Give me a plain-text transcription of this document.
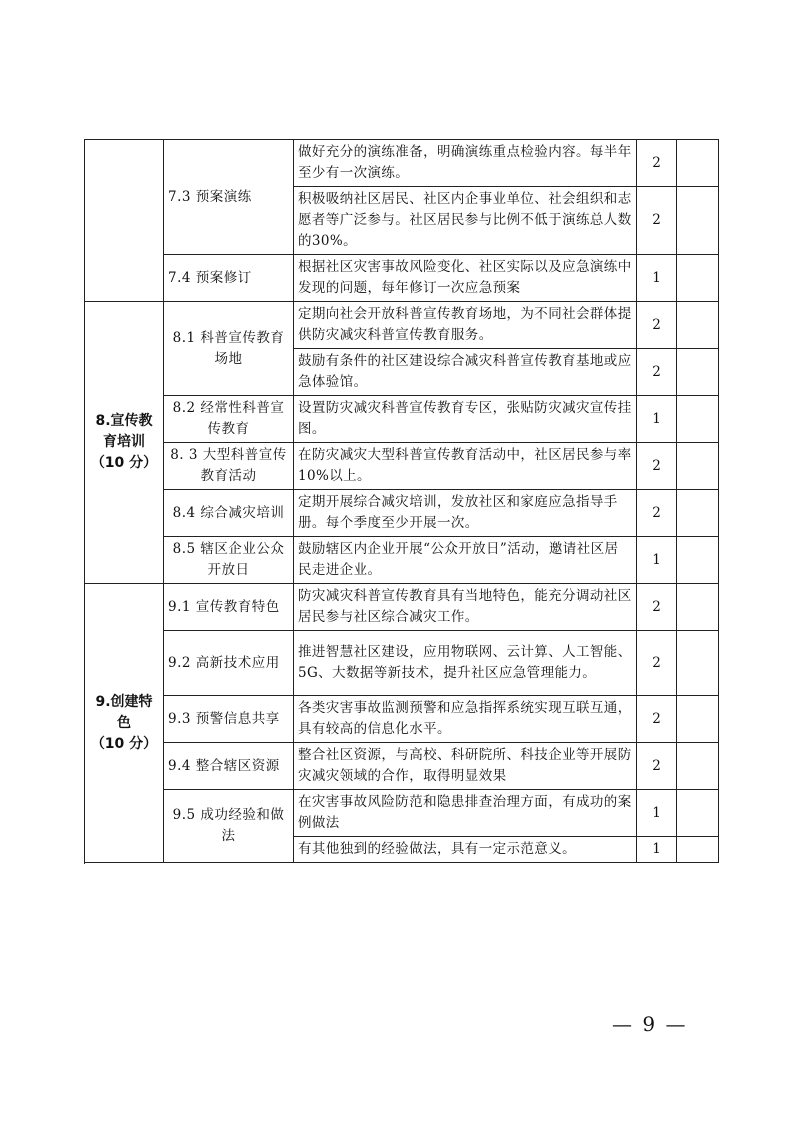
	7.3 预案演练	做好充分的演练准备，明确演练重点检验内容。每半年至少有一次演练。	2	
		积极吸纳社区居民、社区内企事业单位、社会组织和志愿者等广泛参与。社区居民参与比例不低于演练总人数的30%。	2	
	7.4 预案修订	根据社区灾害事故风险变化、社区实际以及应急演练中发现的问题，每年修订一次应急预案	1	

8.宣传教育培训
（10 分）	8.1 科普宣传教育场地	定期向社会开放科普宣传教育场地，为不同社会群体提供防灾减灾科普宣传教育服务。	2	
		鼓励有条件的社区建设综合减灾科普宣传教育基地或应急体验馆。	2	
	8.2 经常性科普宣传教育	设置防灾减灾科普宣传教育专区，张贴防灾减灾宣传挂图。	1	
	8. 3 大型科普宣传教育活动	在防灾减灾大型科普宣传教育活动中，社区居民参与率10%以上。	2	
	8.4 综合减灾培训	定期开展综合减灾培训，发放社区和家庭应急指导手册。每个季度至少开展一次。	2	
	8.5 辖区企业公众开放日	鼓励辖区内企业开展“公众开放日”活动，邀请社区居民走进企业。	1	

9.创建特色
（10 分）	9.1 宣传教育特色	防灾减灾科普宣传教育具有当地特色，能充分调动社区居民参与社区综合减灾工作。	2	
	9.2 高新技术应用	推进智慧社区建设，应用物联网、云计算、人工智能、5G、大数据等新技术，提升社区应急管理能力。	2	
	9.3 预警信息共享	各类灾害事故监测预警和应急指挥系统实现互联互通，具有较高的信息化水平。	2	
	9.4 整合辖区资源	整合社区资源，与高校、科研院所、科技企业等开展防灾减灾领域的合作，取得明显效果	2	
	9.5 成功经验和做法	在灾害事故风险防范和隐患排查治理方面，有成功的案例做法	1	
		有其他独到的经验做法，具有一定示范意义。	1	

— 9 —
